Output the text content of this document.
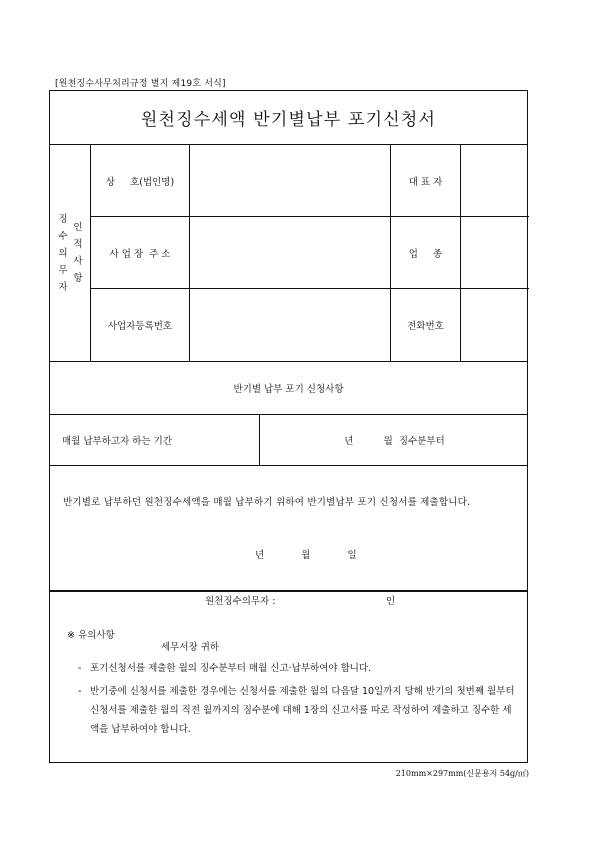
[원천징수사무처리규정 별지 제19호 서식]
원천징수세액 반기별납부 포기신청서
징
수
의
무
자
인
적
사
항
상     호(법인명)	대 표 자
사 업 장  주 소	업     종
사업자등록번호	전화번호
반기별 납부 포기 신청사항
매월 납부하고자 하는 기간	년          월  징수분부터
반기별로 납부하던 원천징수세액을 매월 납부하기 위하여 반기별납부 포기 신청서를 제출합니다.
년	월	일
원천징수의무자 :	인
세무서장 귀하
※ 유의사항
- 포기신청서를 제출한 월의 징수분부터 매월 신고·납부하여야 합니다.
- 반기중에 신청서를 제출한 경우에는 신청서를 제출한 월의 다음달 10일까지 당해 반기의 첫번째 월부터 신청서를 제출한 월의 직전 월까지의 징수분에 대해 1장의 신고서를 따로 작성하여 제출하고 징수한 세액을 납부하여야 합니다.
210mm×297mm(신문용지 54g/㎡)
